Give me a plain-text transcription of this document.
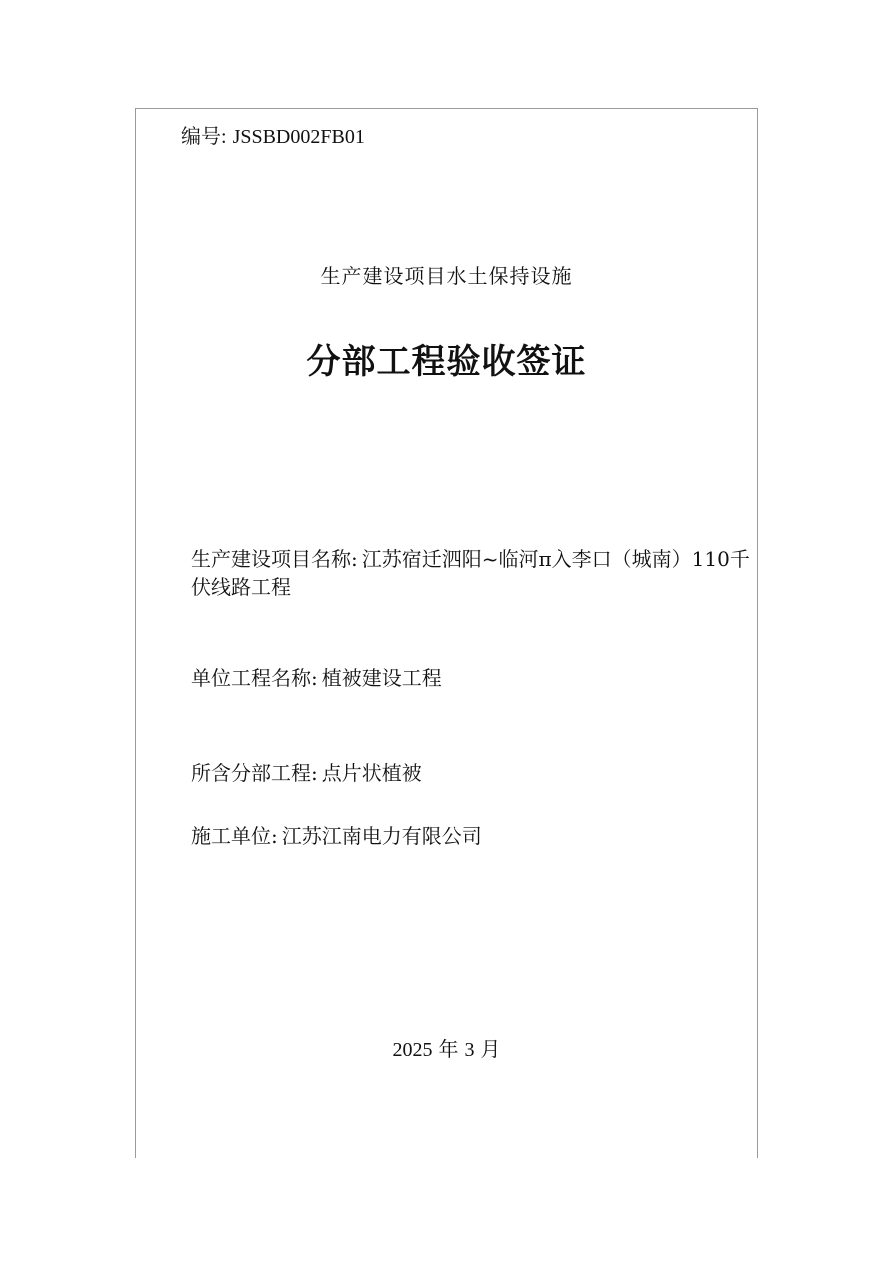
编号: JSSBD002FB01
生产建设项目水土保持设施
分部工程验收签证
生产建设项目名称: 江苏宿迁泗阳~临河π入李口（城南）110千伏线路工程
单位工程名称: 植被建设工程
所含分部工程: 点片状植被
施工单位: 江苏江南电力有限公司
2025 年 3 月
